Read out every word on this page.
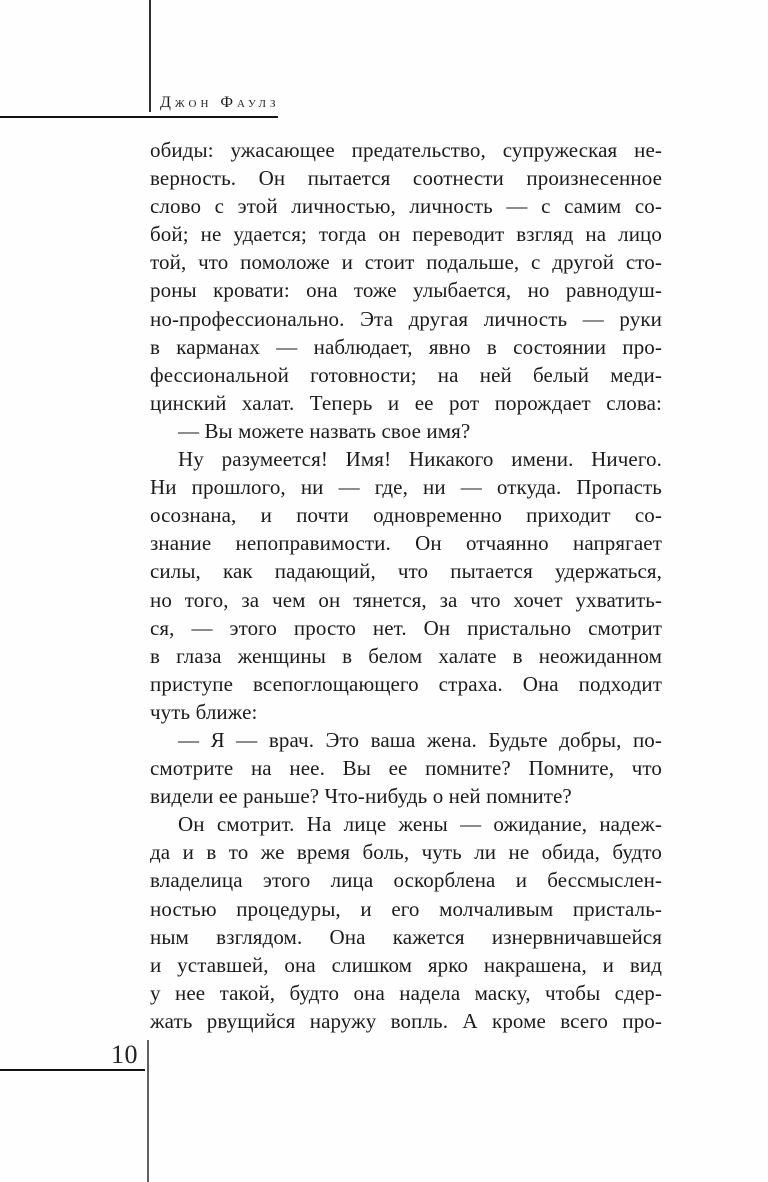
Джон Фаулз
обиды: ужасающее предательство, супружеская не-
верность. Он пытается соотнести произнесенное
слово с этой личностью, личность — с самим со-
бой; не удается; тогда он переводит взгляд на лицо
той, что помоложе и стоит подальше, с другой сто-
роны кровати: она тоже улыбается, но равнодуш-
но-профессионально. Эта другая личность — руки
в карманах — наблюдает, явно в состоянии про-
фессиональной готовности; на ней белый меди-
цинский халат. Теперь и ее рот порождает слова:
— Вы можете назвать свое имя?
Ну разумеется! Имя! Никакого имени. Ничего.
Ни прошлого, ни — где, ни — откуда. Пропасть
осознана, и почти одновременно приходит со-
знание непоправимости. Он отчаянно напрягает
силы, как падающий, что пытается удержаться,
но того, за чем он тянется, за что хочет ухватить-
ся, — этого просто нет. Он пристально смотрит
в глаза женщины в белом халате в неожиданном
приступе всепоглощающего страха. Она подходит
чуть ближе:
— Я — врач. Это ваша жена. Будьте добры, по-
смотрите на нее. Вы ее помните? Помните, что
видели ее раньше? Что-нибудь о ней помните?
Он смотрит. На лице жены — ожидание, надеж-
да и в то же время боль, чуть ли не обида, будто
владелица этого лица оскорблена и бессмыслен-
ностью процедуры, и его молчаливым присталь-
ным взглядом. Она кажется изнервничавшейся
и уставшей, она слишком ярко накрашена, и вид
у нее такой, будто она надела маску, чтобы сдер-
жать рвущийся наружу вопль. А кроме всего про-
10
